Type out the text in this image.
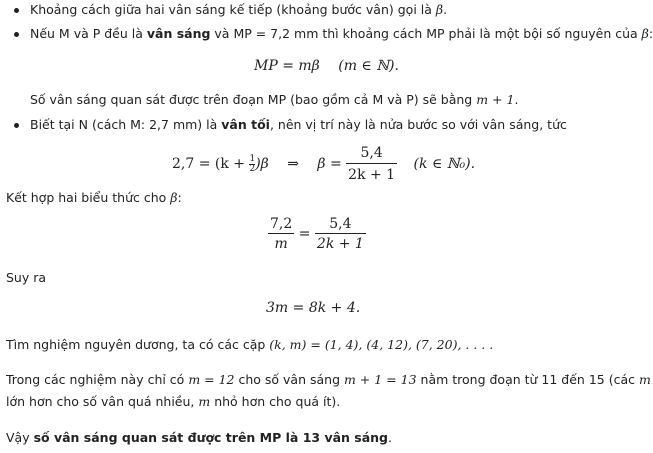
Khoảng cách giữa hai vân sáng kế tiếp (khoảng bước vân) gọi là β.
Nếu M và P đều là vân sáng và MP = 7,2 mm thì khoảng cách MP phải là một bội số nguyên của β:
MP = mβ (m ∈ ℕ).
Số vân sáng quan sát được trên đoạn MP (bao gồm cả M và P) sẽ bằng m + 1.
Biết tại N (cách M: 2,7 mm) là vân tối, nên vị trí này là nửa bước so với vân sáng, tức
$2,7 = (k + \frac{1}{2} )\beta$ ⇒ $\beta = \frac{5,4}{2k + 1} (k$ ∈ ℕ₀).
Kết hợp hai biểu thức cho β:
$\frac{7,2}{m} = \frac{5,4}{2k + 1}$
Suy ra
3m = 8k + 4.
Tìm nghiệm nguyên dương, ta có các cặp (k, m) = (1, 4), (4, 12), (7, 20), . . . .
Trong các nghiệm này chỉ có m = 12 cho số vân sáng m + 1 = 13 nằm trong đoạn từ 11 đến 15 (các m
lớn hơn cho số vân quá nhiều, m nhỏ hơn cho quá ít).
Vậy số vân sáng quan sát được trên MP là 13 vân sáng.
